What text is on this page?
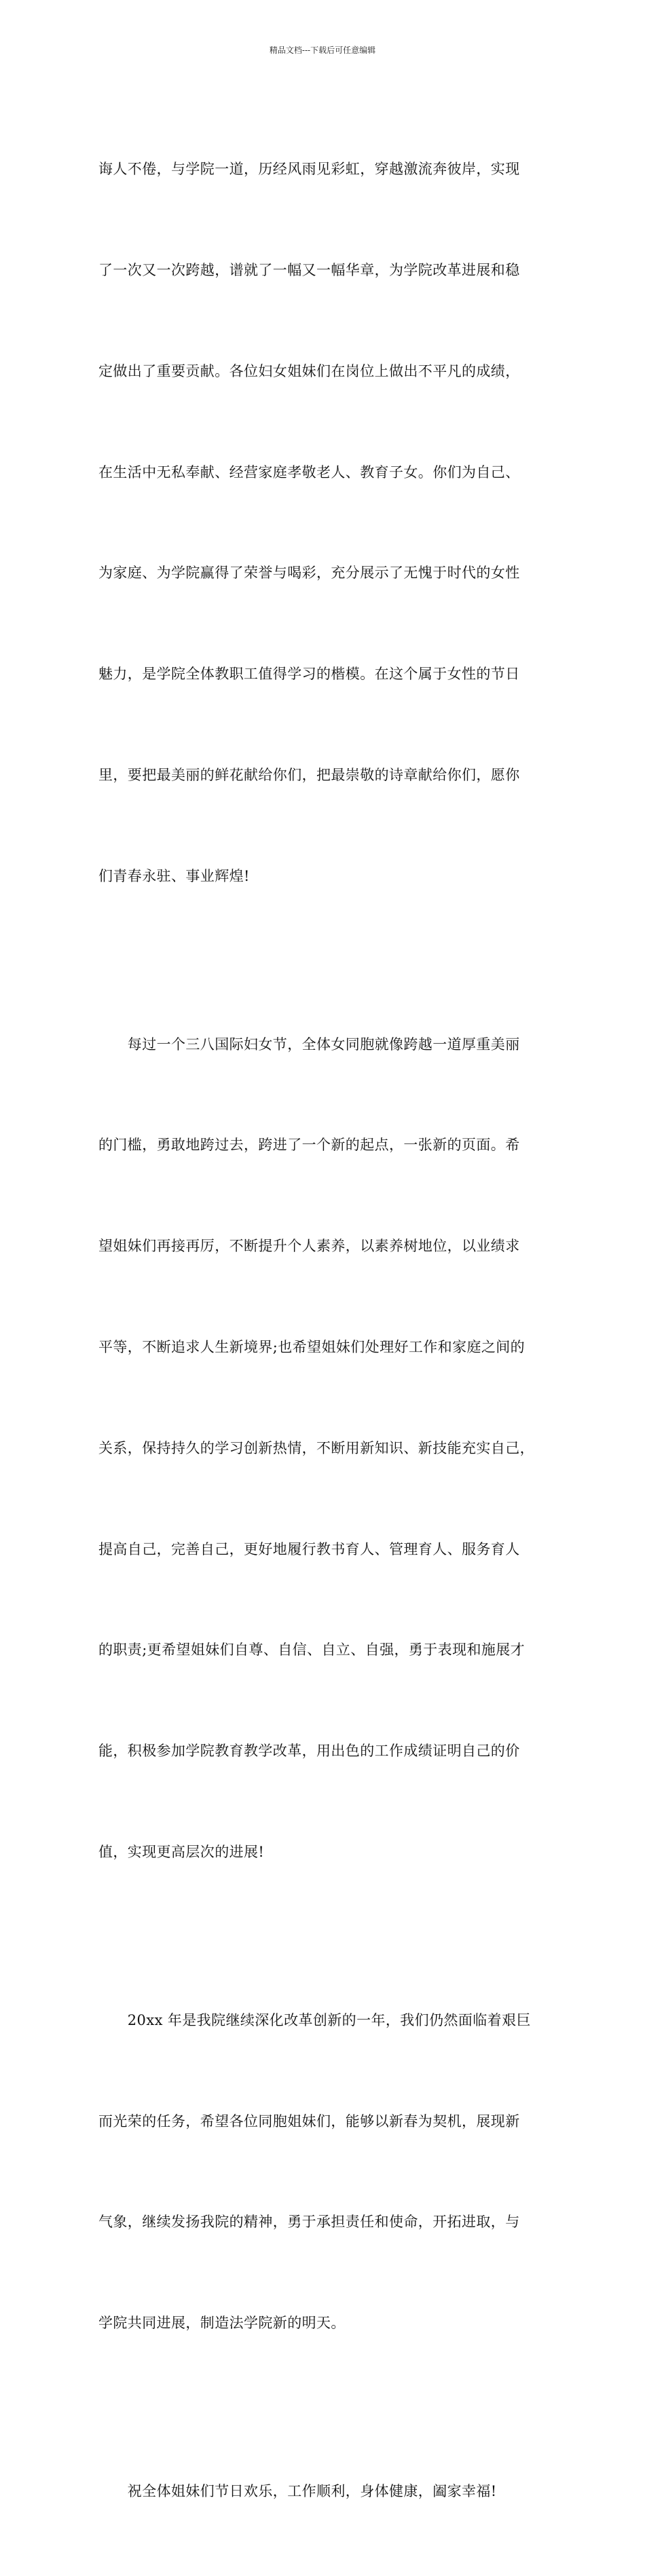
精品文档---下载后可任意编辑

诲人不倦，与学院一道，历经风雨见彩虹，穿越激流奔彼岸，实现

了一次又一次跨越，谱就了一幅又一幅华章，为学院改革进展和稳

定做出了重要贡献。各位妇女姐妹们在岗位上做出不平凡的成绩，

在生活中无私奉献、经营家庭孝敬老人、教育子女。你们为自己、

为家庭、为学院赢得了荣誉与喝彩，充分展示了无愧于时代的女性

魅力，是学院全体教职工值得学习的楷模。在这个属于女性的节日

里，要把最美丽的鲜花献给你们，把最崇敬的诗章献给你们，愿你

们青春永驻、事业辉煌!

　　每过一个三八国际妇女节，全体女同胞就像跨越一道厚重美丽

的门槛，勇敢地跨过去，跨进了一个新的起点，一张新的页面。希

望姐妹们再接再厉，不断提升个人素养，以素养树地位，以业绩求

平等，不断追求人生新境界;也希望姐妹们处理好工作和家庭之间的

关系，保持持久的学习创新热情，不断用新知识、新技能充实自己，

提高自己，完善自己，更好地履行教书育人、管理育人、服务育人

的职责;更希望姐妹们自尊、自信、自立、自强，勇于表现和施展才

能，积极参加学院教育教学改革，用出色的工作成绩证明自己的价

值，实现更高层次的进展!

　　20xx 年是我院继续深化改革创新的一年，我们仍然面临着艰巨

而光荣的任务，希望各位同胞姐妹们，能够以新春为契机，展现新

气象，继续发扬我院的精神，勇于承担责任和使命，开拓进取，与

学院共同进展，制造法学院新的明天。

　　祝全体姐妹们节日欢乐，工作顺利，身体健康，阖家幸福!
